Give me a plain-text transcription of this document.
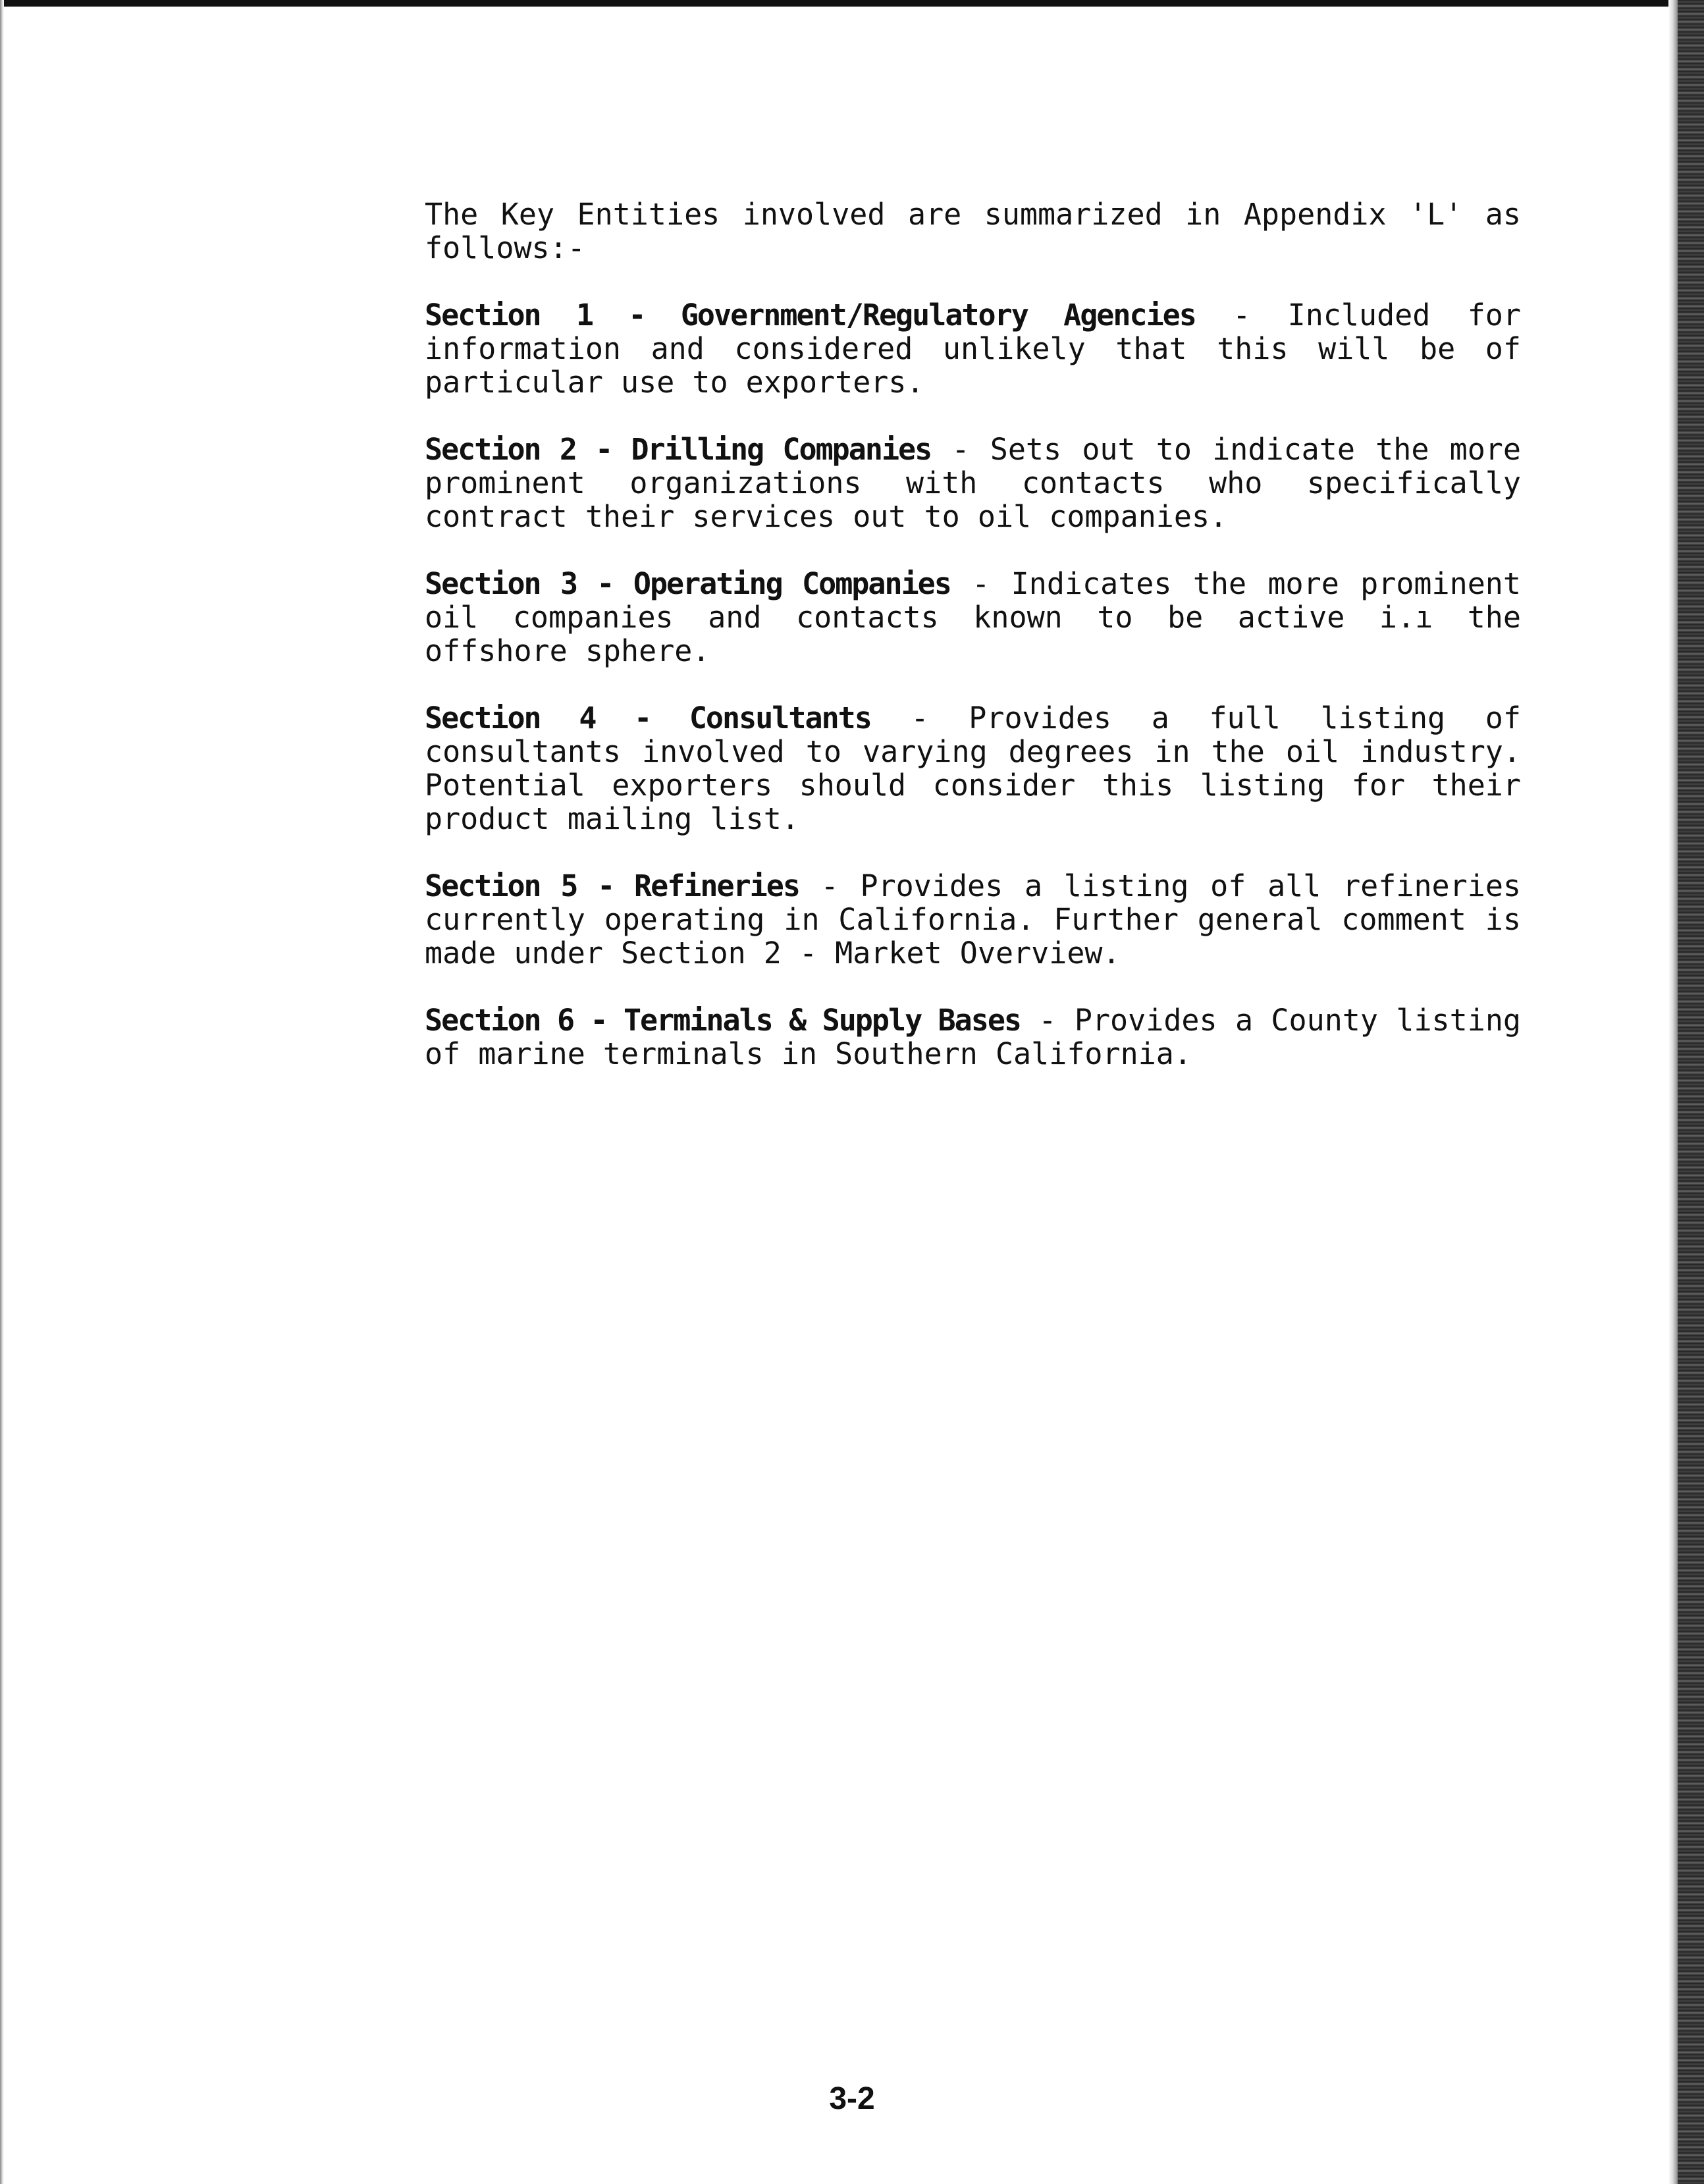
The Key Entities involved are summarized in Appendix 'L' as follows:-

Section 1 - Government/Regulatory Agencies - Included for information and considered unlikely that this will be of particular use to exporters.

Section 2 - Drilling Companies - Sets out to indicate the more prominent organizations with contacts who specifically contract their services out to oil companies.

Section 3 - Operating Companies - Indicates the more prominent oil companies and contacts known to be active i.ı the offshore sphere.

Section 4 - Consultants - Provides a full listing of consultants involved to varying degrees in the oil industry. Potential exporters should consider this listing for their product mailing list.

Section 5 - Refineries - Provides a listing of all refineries currently operating in California. Further general comment is made under Section 2 - Market Overview.

Section 6 - Terminals & Supply Bases - Provides a County listing of marine terminals in Southern California.

3-2
